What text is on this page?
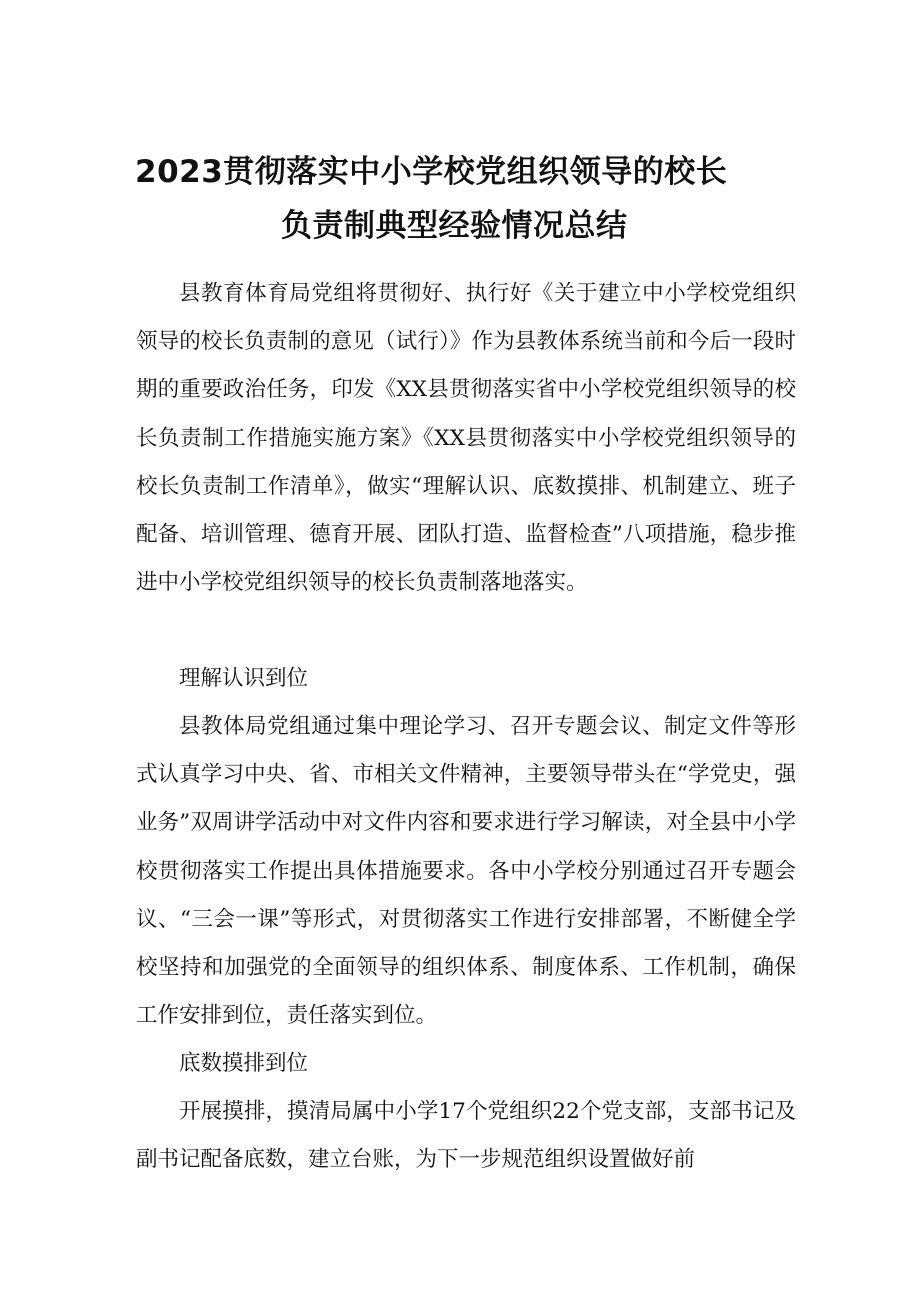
2023贯彻落实中小学校党组织领导的校长
负责制典型经验情况总结
县教育体育局党组将贯彻好、执行好《关于建立中小学校党组织领导的校长负责制的意见（试行）》作为县教体系统当前和今后一段时期的重要政治任务，印发《XX县贯彻落实省中小学校党组织领导的校长负责制工作措施实施方案》《XX县贯彻落实中小学校党组织领导的校长负责制工作清单》，做实“理解认识、底数摸排、机制建立、班子配备、培训管理、德育开展、团队打造、监督检查”八项措施，稳步推进中小学校党组织领导的校长负责制落地落实。
理解认识到位
县教体局党组通过集中理论学习、召开专题会议、制定文件等形式认真学习中央、省、市相关文件精神，主要领导带头在“学党史，强业务”双周讲学活动中对文件内容和要求进行学习解读，对全县中小学校贯彻落实工作提出具体措施要求。各中小学校分别通过召开专题会议、“三会一课”等形式，对贯彻落实工作进行安排部署，不断健全学校坚持和加强党的全面领导的组织体系、制度体系、工作机制，确保工作安排到位，责任落实到位。
底数摸排到位
开展摸排，摸清局属中小学17个党组织22个党支部，支部书记及副书记配备底数，建立台账，为下一步规范组织设置做好前
